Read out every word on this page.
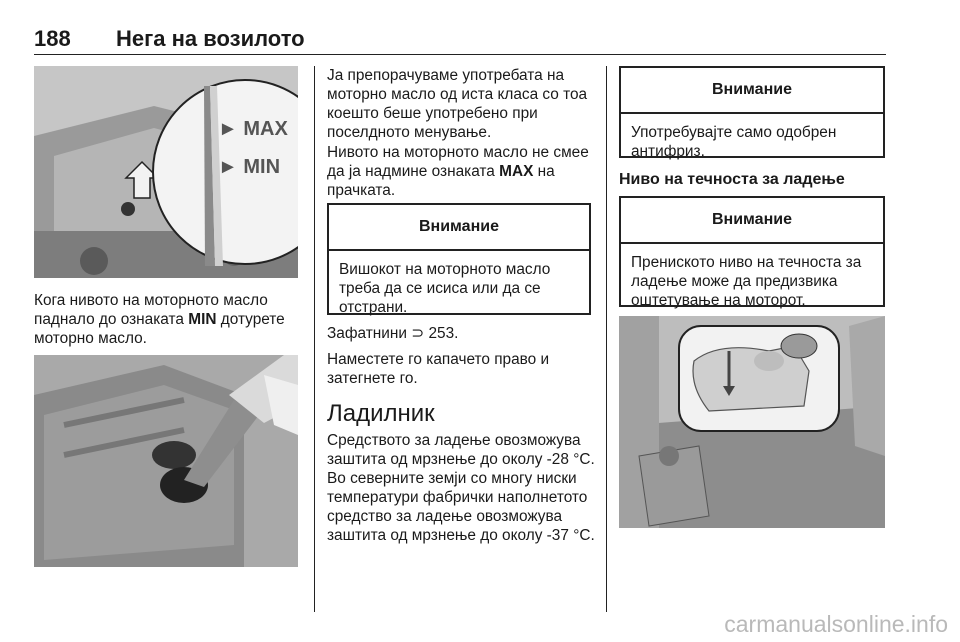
188 Нега на возилото
► MAX
► MIN

Кога нивото на моторното масло паднало до ознаката MIN дотурете моторно масло.

Ја препорачуваме употребата на моторно масло од иста класа со тоа коешто беше употребено при поселдното менување.

Нивото на моторното масло не смее да ја надмине ознаката MAX на прачката.

Внимание
Вишокот на моторното масло треба да се исиса или да се отстрани.

Зафатнини ⊃ 253.

Наместете го капачето право и затегнете го.

Ладилник

Средството за ладење овозможува заштита од мрзнење до околу -28 °C. Во северните земји со многу ниски температури фабрички наполнетото средство за ладење овозможува заштита од мрзнење до околу -37 °C.

Внимание
Употребувајте само одобрен антифриз.
Ниво на течноста за ладење
Внимание
Пренискoто ниво на течноста за ладење може да предизвика оштетување на моторот.
carmanualsonline.info
